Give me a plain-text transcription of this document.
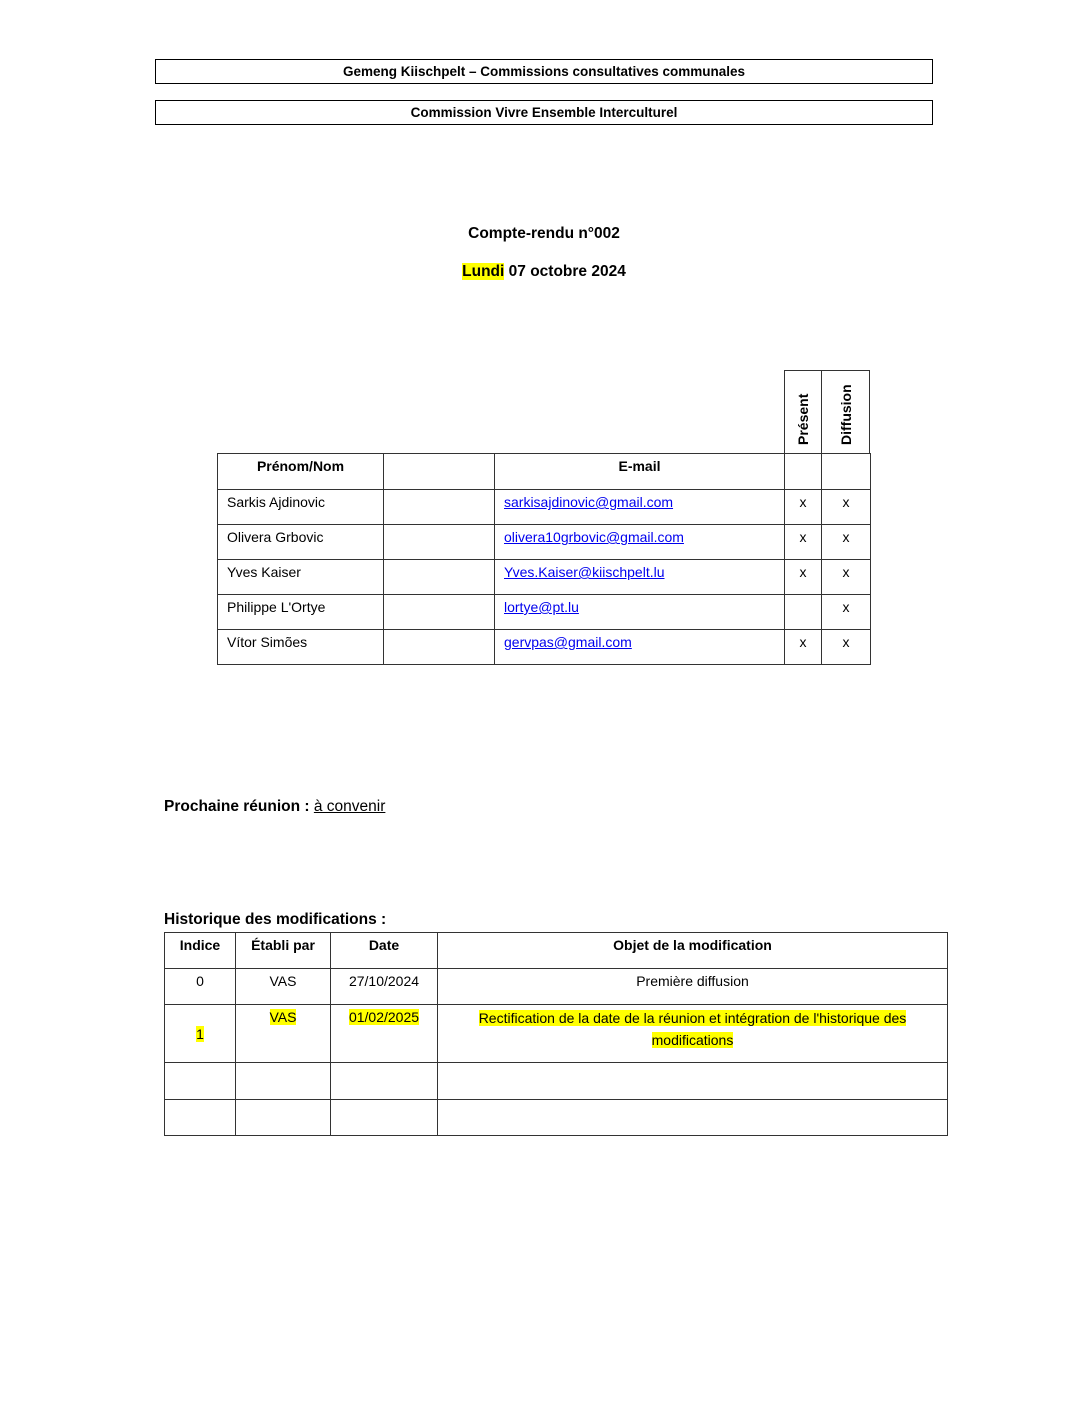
Gemeng Kiischpelt – Commissions consultatives communales
Commission Vivre Ensemble Interculturel
Compte-rendu n°002
Lundi 07 octobre 2024
Présent Diffusion
Prénom/Nom		E-mail		
Sarkis Ajdinovic		sarkisajdinovic@gmail.com	x	x
Olivera Grbovic		olivera10grbovic@gmail.com	x	x
Yves Kaiser		Yves.Kaiser@kiischpelt.lu	x	x
Philippe L'Ortye		lortye@pt.lu		x
Vítor Simões		gervpas@gmail.com	x	x
Prochaine réunion : à convenir
Historique des modifications :
Indice	Établi par	Date	Objet de la modification
0	VAS	27/10/2024	Première diffusion
1	VAS	01/02/2025	Rectification de la date de la réunion et intégration de l'historique des modifications
